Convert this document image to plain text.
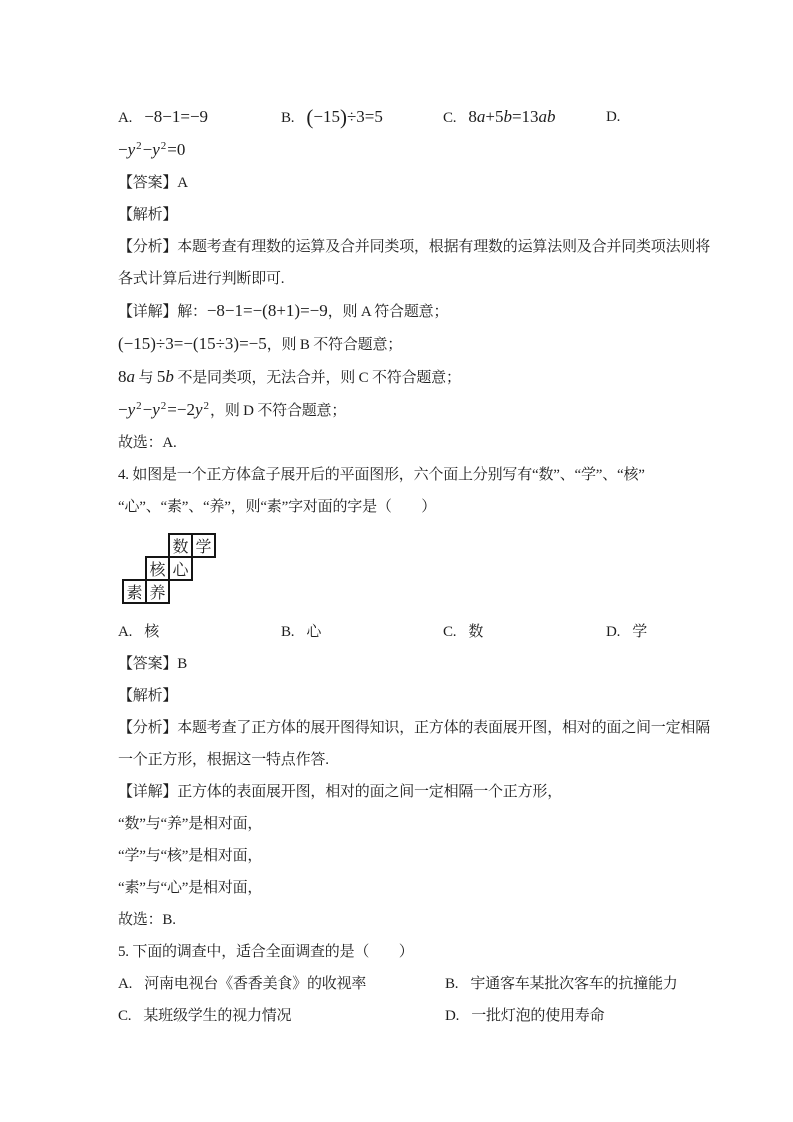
A. −8−1=−9	B. (−15)÷3=5	C. 8a+5b=13ab	D.
$-y^2-y^2=0$
【答案】A
【解析】
【分析】本题考查有理数的运算及合并同类项，根据有理数的运算法则及合并同类项法则将
各式计算后进行判断即可.
【详解】解：−8−1=−(8+1)=−9，则 A 符合题意；
(−15)÷3=−(15÷3)=−5，则 B 不符合题意；
8a 与 5b 不是同类项，无法合并，则 C 不符合题意；
$-y^2-y^2=-2y^2$，则 D 不符合题意；
故选：A.
4. 如图是一个正方体盒子展开后的平面图形，六个面上分别写有“数”、“学”、“核”
“心”、“素”、“养”，则“素”字对面的字是（　　）
数 学
核 心
素 养
A. 核	B. 心	C. 数	D. 学
【答案】B
【解析】
【分析】本题考查了正方体的展开图得知识，正方体的表面展开图，相对的面之间一定相隔
一个正方形，根据这一特点作答.
【详解】正方体的表面展开图，相对的面之间一定相隔一个正方形，
“数”与“养”是相对面，
“学”与“核”是相对面，
“素”与“心”是相对面，
故选：B.
5. 下面的调查中，适合全面调查的是（　　）
A. 河南电视台《香香美食》的收视率	B. 宇通客车某批次客车的抗撞能力
C. 某班级学生的视力情况	D. 一批灯泡的使用寿命
